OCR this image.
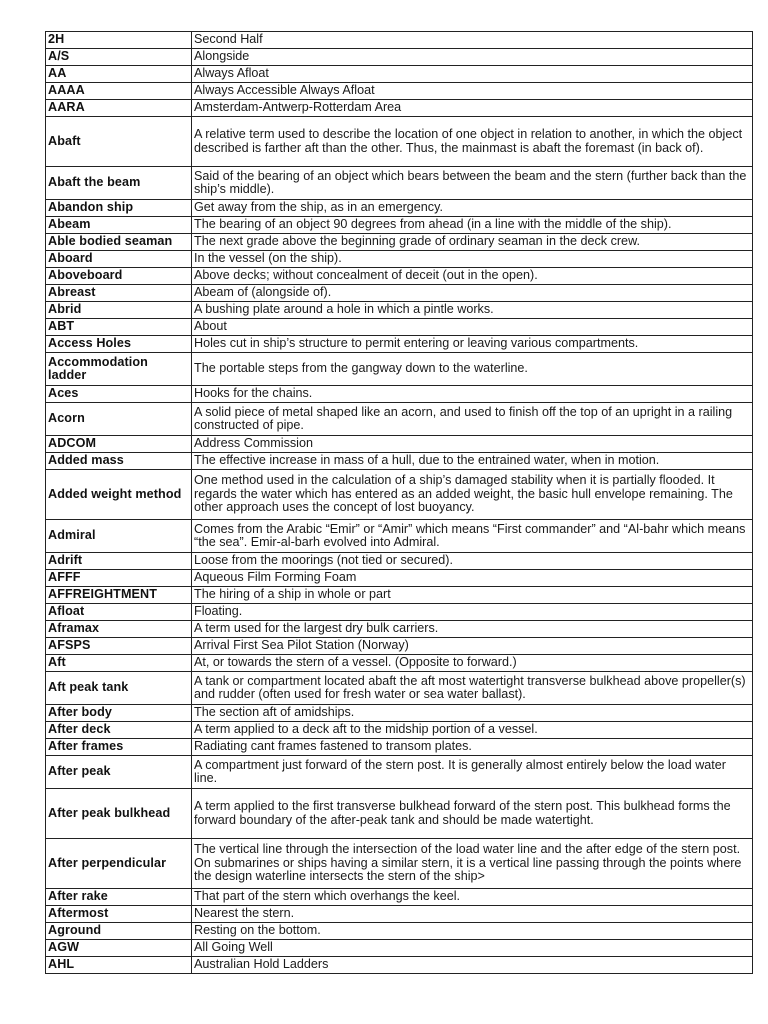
2H	Second Half
A/S	Alongside
AA	Always Afloat
AAAA	Always Accessible Always Afloat
AARA	Amsterdam-Antwerp-Rotterdam Area
Abaft	A relative term used to describe the location of one object in relation to another, in which the object described is farther aft than the other. Thus, the mainmast is abaft the foremast (in back of).
Abaft the beam	Said of the bearing of an object which bears between the beam and the stern (further back than the ship’s middle).
Abandon ship	Get away from the ship, as in an emergency.
Abeam	The bearing of an object 90 degrees from ahead (in a line with the middle of the ship).
Able bodied seaman	The next grade above the beginning grade of ordinary seaman in the deck crew.
Aboard	In the vessel (on the ship).
Aboveboard	Above decks; without concealment of deceit (out in the open).
Abreast	Abeam of (alongside of).
Abrid	A bushing plate around a hole in which a pintle works.
ABT	About
Access Holes	Holes cut in ship’s structure to permit entering or leaving various compartments.
Accommodation ladder	The portable steps from the gangway down to the waterline.
Aces	Hooks for the chains.
Acorn	A solid piece of metal shaped like an acorn, and used to finish off the top of an upright in a railing constructed of pipe.
ADCOM	Address Commission
Added mass	The effective increase in mass of a hull, due to the entrained water, when in motion.
Added weight method	One method used in the calculation of a ship’s damaged stability when it is partially flooded. It regards the water which has entered as an added weight, the basic hull envelope remaining. The other approach uses the concept of lost buoyancy.
Admiral	Comes from the Arabic “Emir” or “Amir” which means “First commander” and “Al-bahr which means “the sea”. Emir-al-barh evolved into Admiral.
Adrift	Loose from the moorings (not tied or secured).
AFFF	Aqueous Film Forming Foam
AFFREIGHTMENT	The hiring of a ship in whole or part
Afloat	Floating.
Aframax	A term used for the largest dry bulk carriers.
AFSPS	Arrival First Sea Pilot Station (Norway)
Aft	At, or towards the stern of a vessel. (Opposite to forward.)
Aft peak tank	A tank or compartment located abaft the aft most watertight transverse bulkhead above propeller(s) and rudder (often used for fresh water or sea water ballast).
After body	The section aft of amidships.
After deck	A term applied to a deck aft to the midship portion of a vessel.
After frames	Radiating cant frames fastened to transom plates.
After peak	A compartment just forward of the stern post. It is generally almost entirely below the load water line.
After peak bulkhead	A term applied to the first transverse bulkhead forward of the stern post. This bulkhead forms the forward boundary of the after-peak tank and should be made watertight.
After perpendicular	The vertical line through the intersection of the load water line and the after edge of the stern post. On submarines or ships having a similar stern, it is a vertical line passing through the points where the design waterline intersects the stern of the ship>
After rake	That part of the stern which overhangs the keel.
Aftermost	Nearest the stern.
Aground	Resting on the bottom.
AGW	All Going Well
AHL	Australian Hold Ladders
